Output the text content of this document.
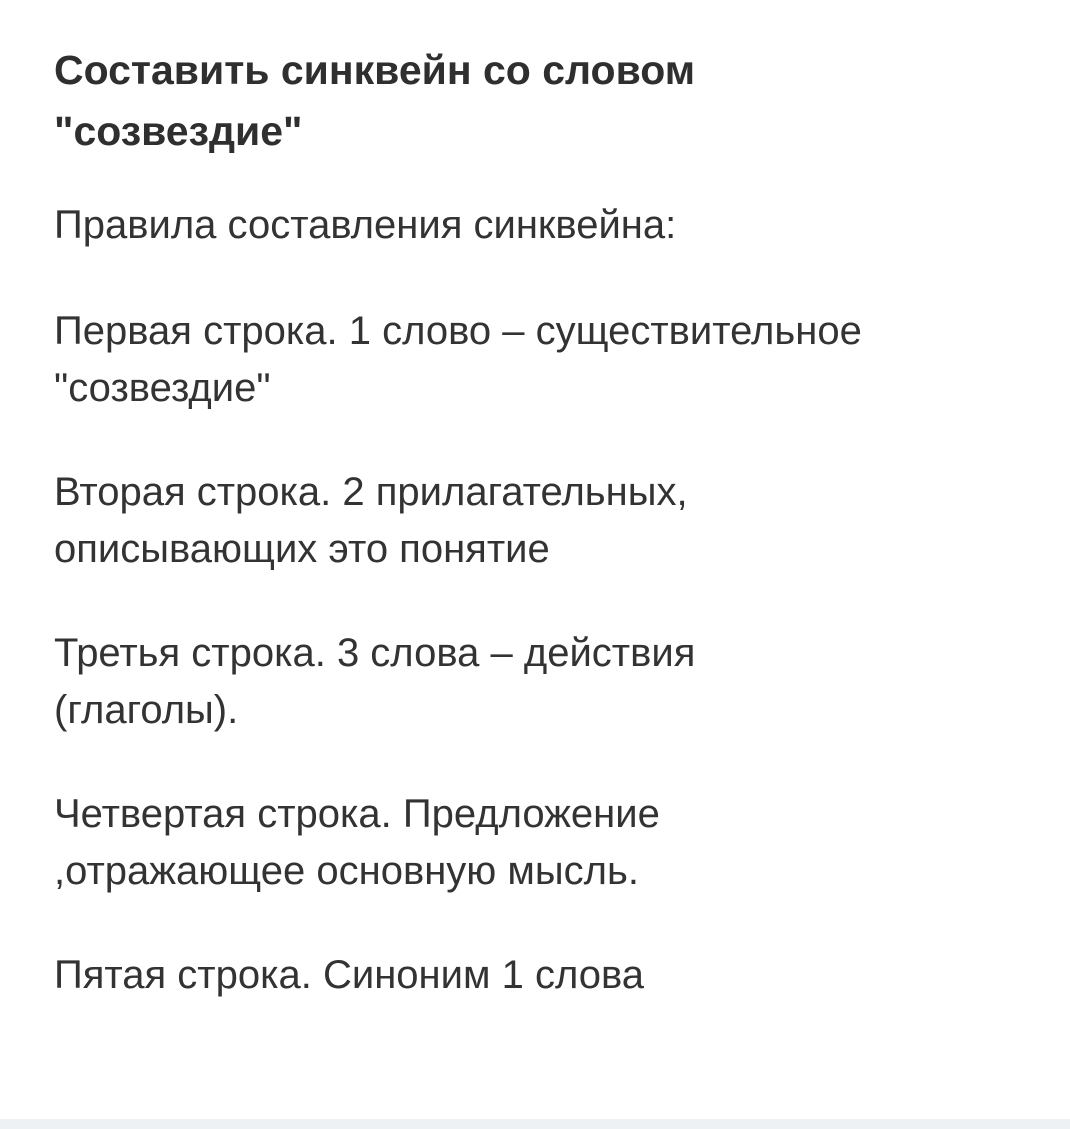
Составить синквейн со словом
"созвездие"

Правила составления синквейна:

Первая строка. 1 слово – существительное
"созвездие"
Вторая строка. 2 прилагательных,
описывающих это понятие
Третья строка. 3 слова – действия
(глаголы).
Четвертая строка. Предложение
,отражающее основную мысль.
Пятая строка. Синоним 1 слова
